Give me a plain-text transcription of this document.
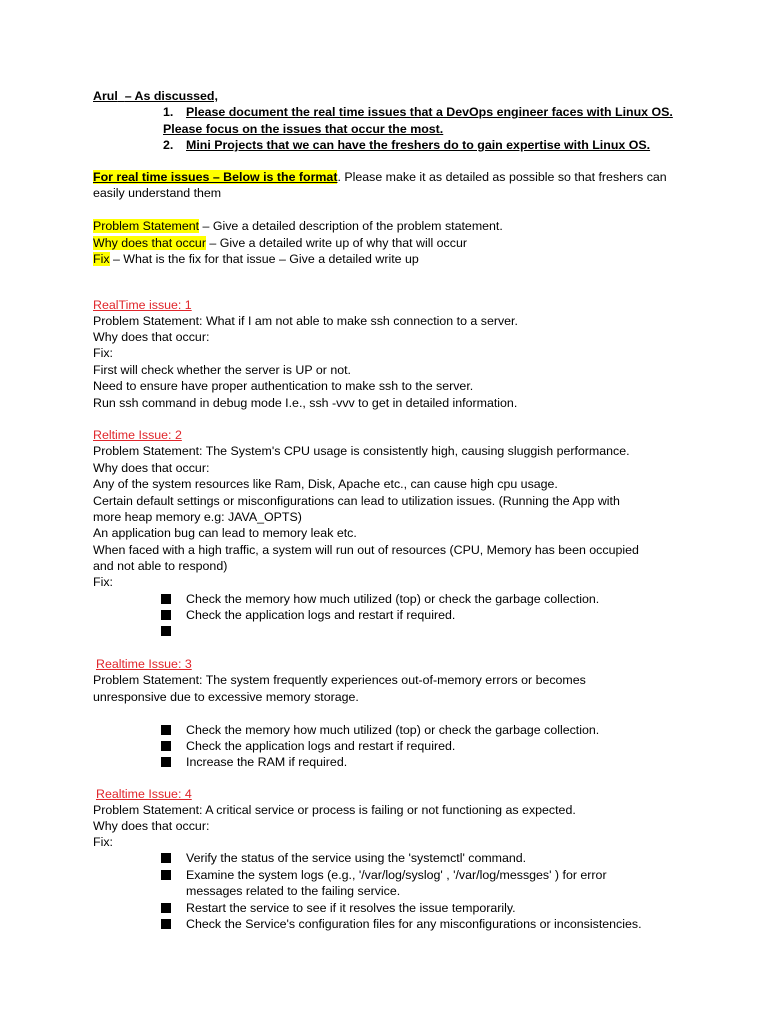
Arul – As discussed,
1. Please document the real time issues that a DevOps engineer faces with Linux OS.
Please focus on the issues that occur the most.
2. Mini Projects that we can have the freshers do to gain expertise with Linux OS.
For real time issues – Below is the format. Please make it as detailed as possible so that freshers can
easily understand them
Problem Statement – Give a detailed description of the problem statement.
Why does that occur – Give a detailed write up of why that will occur
Fix – What is the fix for that issue – Give a detailed write up
RealTime issue: 1
Problem Statement: What if I am not able to make ssh connection to a server.
Why does that occur:
Fix:
First will check whether the server is UP or not.
Need to ensure have proper authentication to make ssh to the server.
Run ssh command in debug mode I.e., ssh -vvv to get in detailed information.
Reltime Issue: 2
Problem Statement: The System's CPU usage is consistently high, causing sluggish performance.
Why does that occur:
Any of the system resources like Ram, Disk, Apache etc., can cause high cpu usage.
Certain default settings or misconfigurations can lead to utilization issues. (Running the App with
more heap memory e.g: JAVA_OPTS)
An application bug can lead to memory leak etc.
When faced with a high traffic, a system will run out of resources (CPU, Memory has been occupied
and not able to respond)
Fix:
Check the memory how much utilized (top) or check the garbage collection.
Check the application logs and restart if required.
Realtime Issue: 3
Problem Statement: The system frequently experiences out-of-memory errors or becomes
unresponsive due to excessive memory storage.
Check the memory how much utilized (top) or check the garbage collection.
Check the application logs and restart if required.
Increase the RAM if required.
Realtime Issue: 4
Problem Statement: A critical service or process is failing or not functioning as expected.
Why does that occur:
Fix:
Verify the status of the service using the 'systemctl' command.
Examine the system logs (e.g., '/var/log/syslog' , '/var/log/messges' ) for error
messages related to the failing service.
Restart the service to see if it resolves the issue temporarily.
Check the Service's configuration files for any misconfigurations or inconsistencies.
